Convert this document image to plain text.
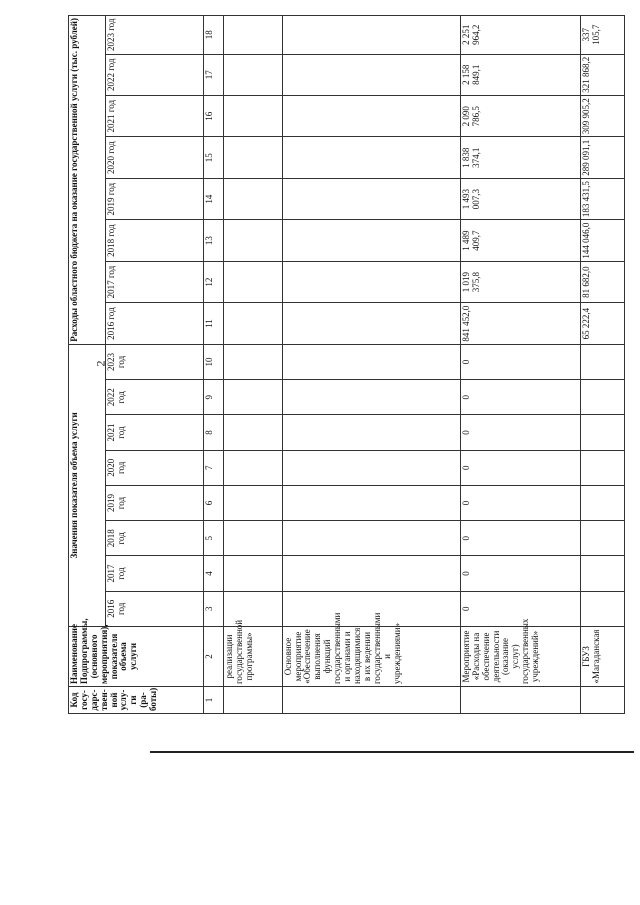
2
Код госу-дарс-твен-ной услу-ги (ра-боты)	Наименование Подпрограммы, (основного мероприятия), показателя объема услуги	Значения показателя объема услуги								Расходы областного бюджета на оказание государственной услуги (тыс. рублей)							
		2016 год	2017 год	2018 год	2019 год	2020 год	2021 год	2022 год	2023 год	2016 год	2017 год	2018 год	2019 год	2020 год	2021 год	2022 год	2023 год
1	2	3	4	5	6	7	8	9	10	11	12	13	14	15	16	17	18
	реализации государственной программы»																
	Основное мероприятие «Обеспечение выполнения функций государственными и органами и находящимися в их ведении государственными и учреждениями»																
	Мероприятие «Расходы на обеспечение деятельности (оказание услуг) государственных учреждений»	0	0	0	0	0	0	0	0	841 452,0	1 019 375,8	1 489 409,7	1 493 007,3	1 838 374,1	2 090 786,5	2 158 849,1	2 251 964,2
	ГБУЗ «Магаданская									65 222,4	81 682,0	144 046,0	183 431,5	289 091,1	309 905,2	321 868,2	337 105,7
